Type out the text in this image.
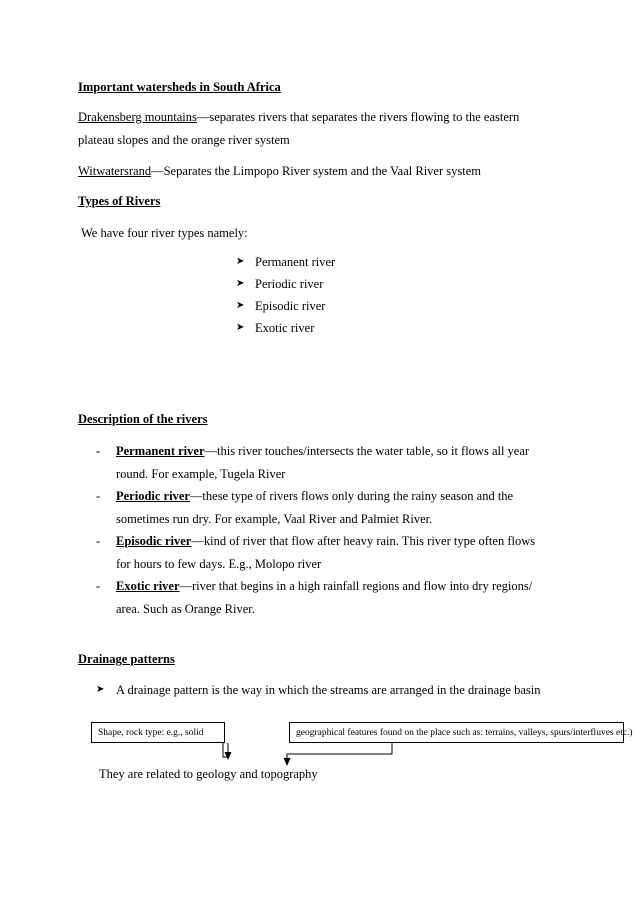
Important watersheds in South Africa
Drakensberg mountains—separates rivers that separates the rivers flowing to the eastern
plateau slopes and the orange river system
Witwatersrand—Separates the Limpopo River system and the Vaal River system
Types of Rivers
We have four river types namely:
➤ Permanent river
➤ Periodic river
➤ Episodic river
➤ Exotic river
Description of the rivers
- Permanent river—this river touches/intersects the water table, so it flows all year
round. For example, Tugela River
- Periodic river—these type of rivers flows only during the rainy season and the
sometimes run dry. For example, Vaal River and Palmiet River.
- Episodic river—kind of river that flow after heavy rain. This river type often flows
for hours to few days. E.g., Molopo river
- Exotic river—river that begins in a high rainfall regions and flow into dry regions/
area. Such as Orange River.
Drainage patterns
➤ A drainage pattern is the way in which the streams are arranged in the drainage basin
Shape, rock type: e.g., solid	geographical features found on the place such as: terrains, valleys, spurs/interfluves etc.)
They are related to geology and topography
